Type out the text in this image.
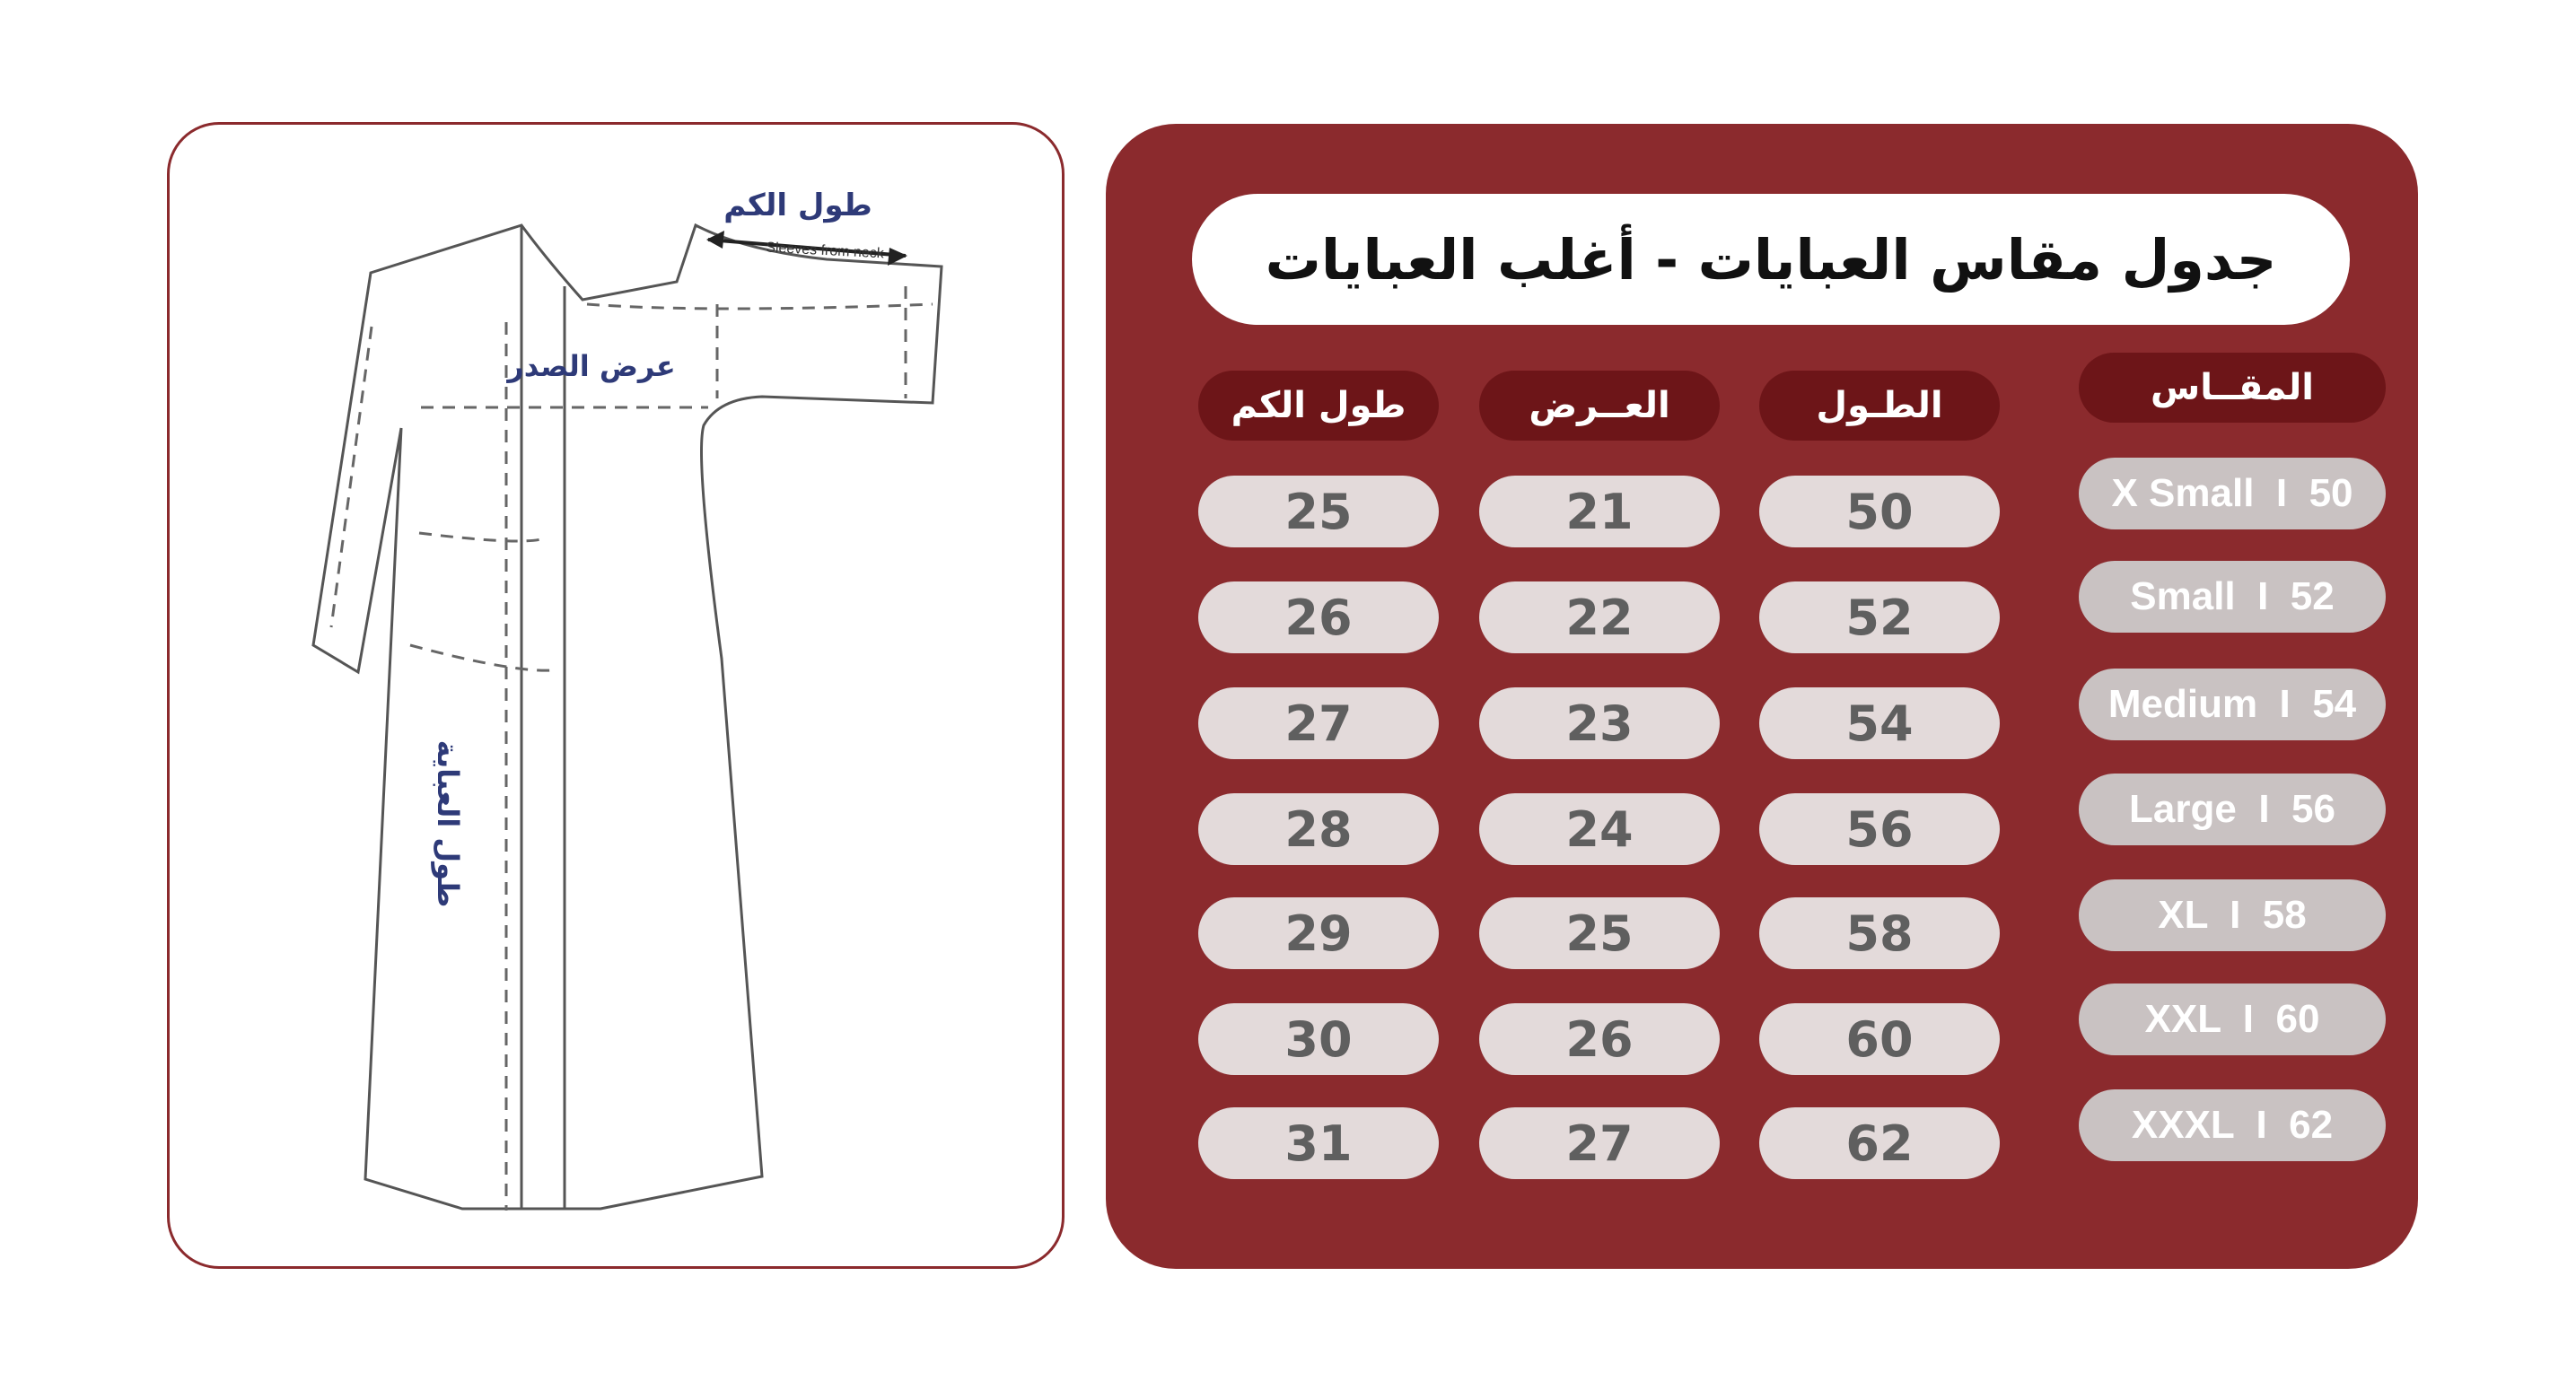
طول الكم
Sleeves from neck
عرض الصدر
طول العباية
جدول مقاس العبايات - أغلب العبايات
المقــاس
الطـول
العــرض
طول الكم
X Small  I  50
50
21
25
Small  I  52
52
22
26
Medium  I  54
54
23
27
Large  I  56
56
24
28
XL  I  58
58
25
29
XXL  I  60
60
26
30
XXXL  I  62
62
27
31
